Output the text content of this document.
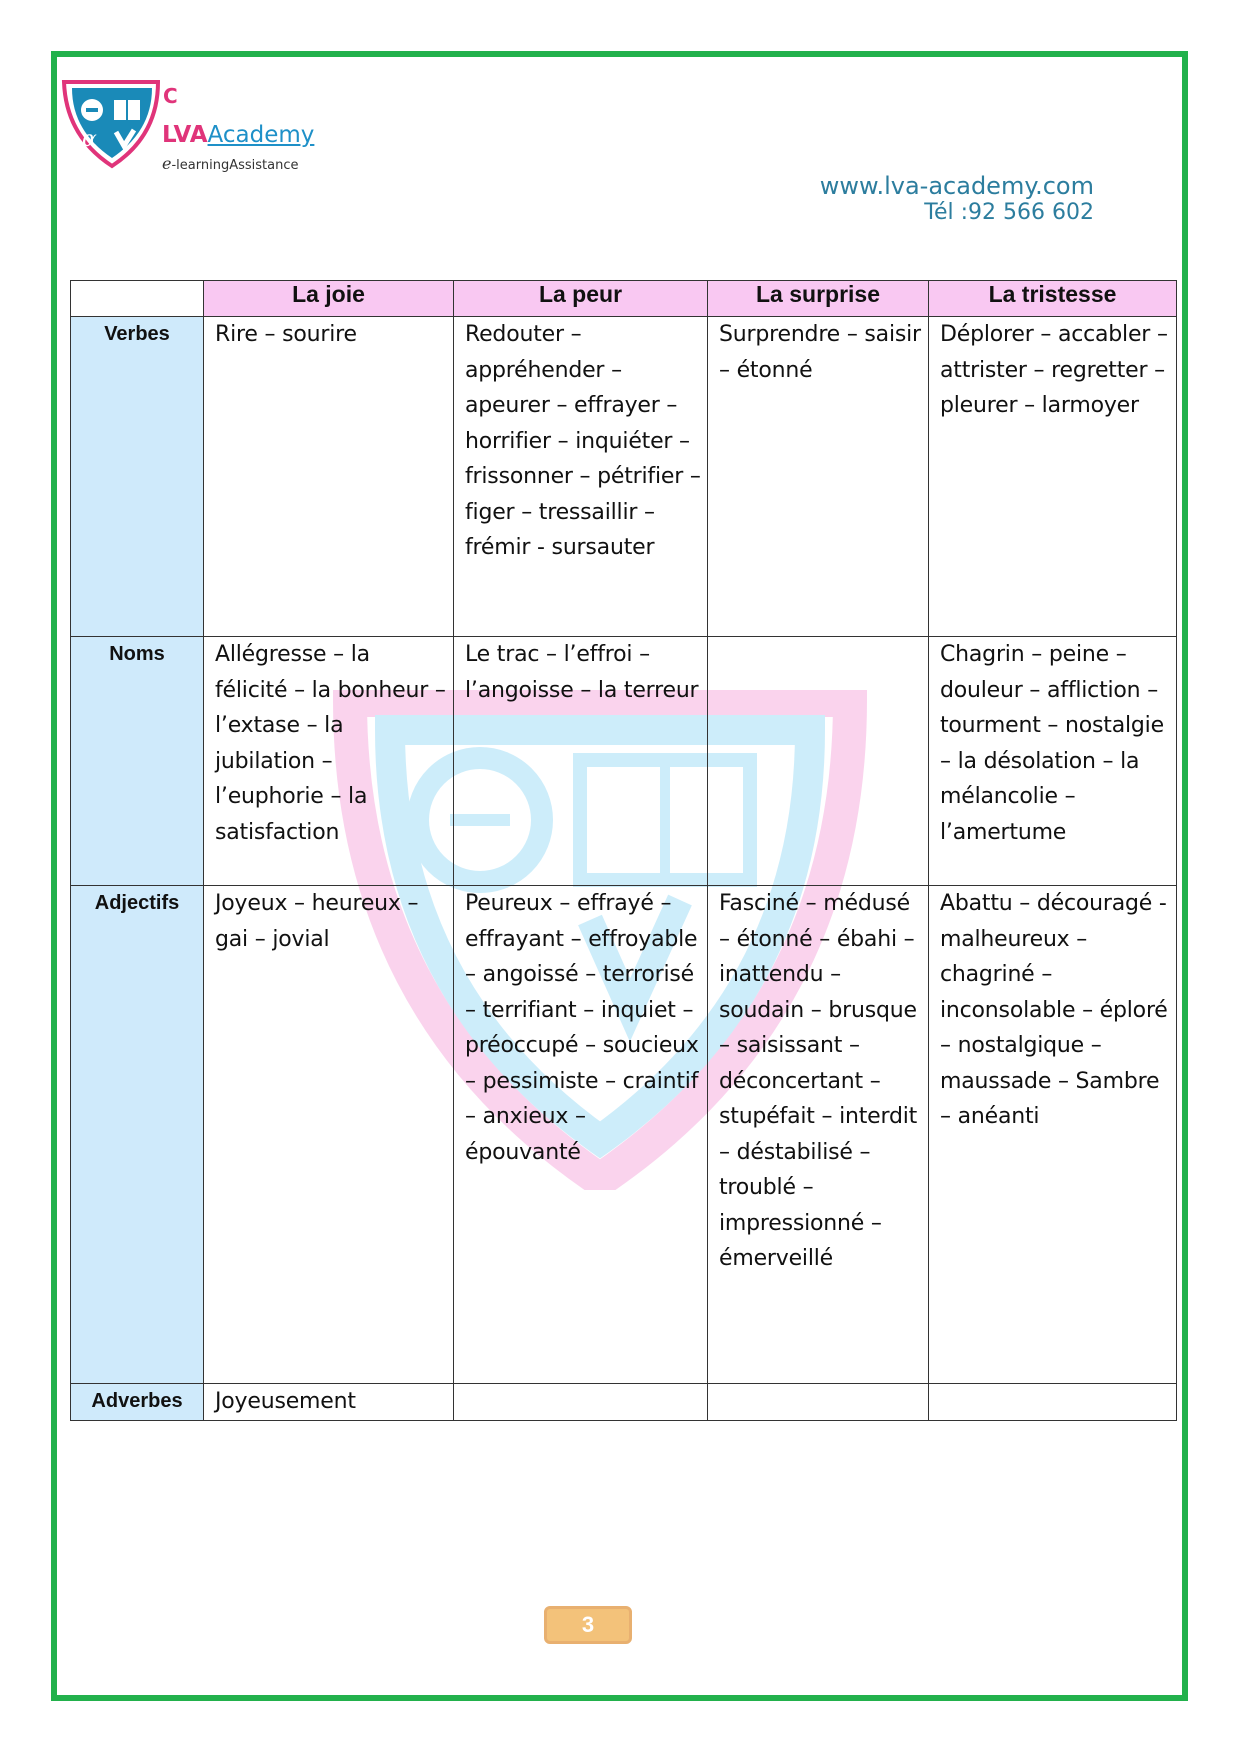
α
C
LVAAcademy
e-learningAssistance
www.lva-academy.com
Tél :92 566 602
	La joie	La peur	La surprise	La tristesse
Verbes	Rire – sourire	Redouter – appréhender – apeurer – effrayer – horrifier – inquiéter – frissonner – pétrifier – figer – tressaillir – frémir - sursauter	Surprendre – saisir – étonné	Déplorer – accabler – attrister – regretter – pleurer – larmoyer
Noms	Allégresse – la félicité – la bonheur – l’extase – la jubilation – l’euphorie – la satisfaction	Le trac – l’effroi – l’angoisse – la terreur		Chagrin – peine – douleur – affliction – tourment – nostalgie – la désolation – la mélancolie – l’amertume
Adjectifs	Joyeux – heureux – gai – jovial	Peureux – effrayé – effrayant – effroyable – angoissé – terrorisé – terrifiant – inquiet – préoccupé – soucieux – pessimiste – craintif – anxieux – épouvanté	Fasciné – médusé – étonné – ébahi – inattendu – soudain – brusque – saisissant – déconcertant – stupéfait – interdit – déstabilisé – troublé – impressionné – émerveillé	Abattu – découragé - malheureux – chagriné – inconsolable – éploré – nostalgique – maussade – Sambre – anéanti
Adverbes	Joyeusement			
3
